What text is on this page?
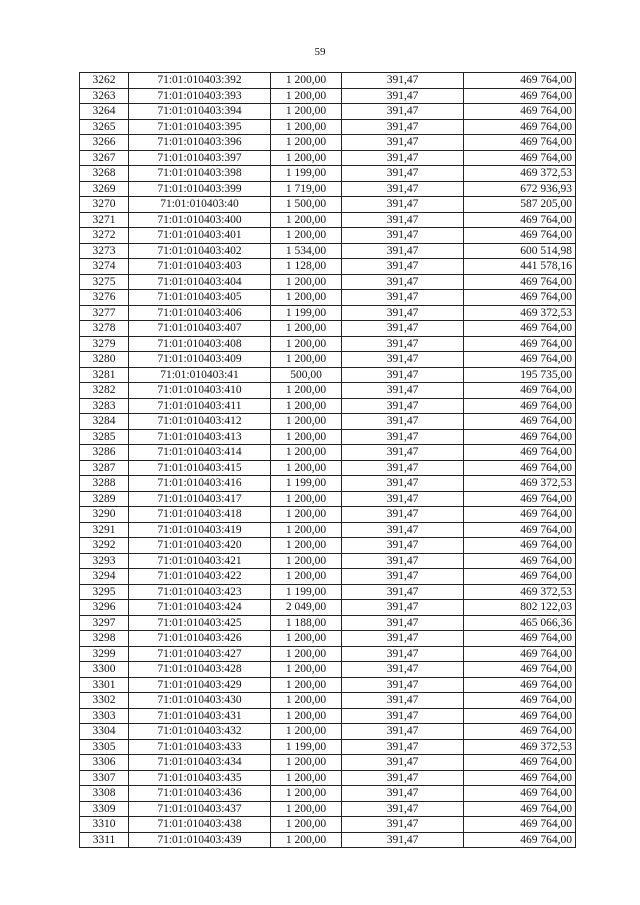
59
3262	71:01:010403:392	1 200,00	391,47	469 764,00
3263	71:01:010403:393	1 200,00	391,47	469 764,00
3264	71:01:010403:394	1 200,00	391,47	469 764,00
3265	71:01:010403:395	1 200,00	391,47	469 764,00
3266	71:01:010403:396	1 200,00	391,47	469 764,00
3267	71:01:010403:397	1 200,00	391,47	469 764,00
3268	71:01:010403:398	1 199,00	391,47	469 372,53
3269	71:01:010403:399	1 719,00	391,47	672 936,93
3270	71:01:010403:40	1 500,00	391,47	587 205,00
3271	71:01:010403:400	1 200,00	391,47	469 764,00
3272	71:01:010403:401	1 200,00	391,47	469 764,00
3273	71:01:010403:402	1 534,00	391,47	600 514,98
3274	71:01:010403:403	1 128,00	391,47	441 578,16
3275	71:01:010403:404	1 200,00	391,47	469 764,00
3276	71:01:010403:405	1 200,00	391,47	469 764,00
3277	71:01:010403:406	1 199,00	391,47	469 372,53
3278	71:01:010403:407	1 200,00	391,47	469 764,00
3279	71:01:010403:408	1 200,00	391,47	469 764,00
3280	71:01:010403:409	1 200,00	391,47	469 764,00
3281	71:01:010403:41	500,00	391,47	195 735,00
3282	71:01:010403:410	1 200,00	391,47	469 764,00
3283	71:01:010403:411	1 200,00	391,47	469 764,00
3284	71:01:010403:412	1 200,00	391,47	469 764,00
3285	71:01:010403:413	1 200,00	391,47	469 764,00
3286	71:01:010403:414	1 200,00	391,47	469 764,00
3287	71:01:010403:415	1 200,00	391,47	469 764,00
3288	71:01:010403:416	1 199,00	391,47	469 372,53
3289	71:01:010403:417	1 200,00	391,47	469 764,00
3290	71:01:010403:418	1 200,00	391,47	469 764,00
3291	71:01:010403:419	1 200,00	391,47	469 764,00
3292	71:01:010403:420	1 200,00	391,47	469 764,00
3293	71:01:010403:421	1 200,00	391,47	469 764,00
3294	71:01:010403:422	1 200,00	391,47	469 764,00
3295	71:01:010403:423	1 199,00	391,47	469 372,53
3296	71:01:010403:424	2 049,00	391,47	802 122,03
3297	71:01:010403:425	1 188,00	391,47	465 066,36
3298	71:01:010403:426	1 200,00	391,47	469 764,00
3299	71:01:010403:427	1 200,00	391,47	469 764,00
3300	71:01:010403:428	1 200,00	391,47	469 764,00
3301	71:01:010403:429	1 200,00	391,47	469 764,00
3302	71:01:010403:430	1 200,00	391,47	469 764,00
3303	71:01:010403:431	1 200,00	391,47	469 764,00
3304	71:01:010403:432	1 200,00	391,47	469 764,00
3305	71:01:010403:433	1 199,00	391,47	469 372,53
3306	71:01:010403:434	1 200,00	391,47	469 764,00
3307	71:01:010403:435	1 200,00	391,47	469 764,00
3308	71:01:010403:436	1 200,00	391,47	469 764,00
3309	71:01:010403:437	1 200,00	391,47	469 764,00
3310	71:01:010403:438	1 200,00	391,47	469 764,00
3311	71:01:010403:439	1 200,00	391,47	469 764,00
